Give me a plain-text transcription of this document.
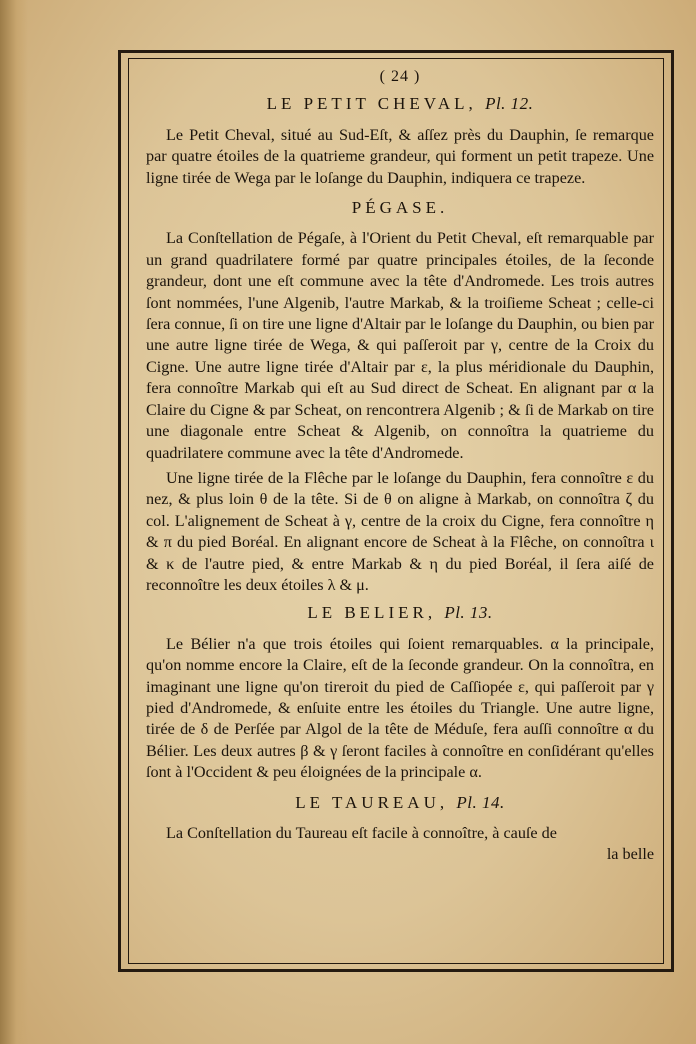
( 24 )
LE PETIT CHEVAL, Pl. 12.

Le Petit Cheval, situé au Sud-Eſt, & aſſez près du Dauphin, ſe remarque par quatre étoiles de la quatrieme grandeur, qui forment un petit trapeze. Une ligne tirée de Wega par le loſange du Dauphin, indiquera ce trapeze.

PÉGASE.

La Conſtellation de Pégaſe, à l'Orient du Petit Cheval, eſt remarquable par un grand quadrilatere formé par quatre principales étoiles, de la ſeconde grandeur, dont une eſt commune avec la tête d'Andromede. Les trois autres ſont nommées, l'une Algenib, l'autre Markab, & la troiſieme Scheat ; celle-ci ſera connue, ſi on tire une ligne d'Altair par le loſange du Dauphin, ou bien par une autre ligne tirée de Wega, & qui paſſeroit par γ, centre de la Croix du Cigne. Une autre ligne tirée d'Altair par ε, la plus méridionale du Dauphin, fera connoître Markab qui eſt au Sud direct de Scheat. En alignant par α la Claire du Cigne & par Scheat, on rencontrera Algenib ; & ſi de Markab on tire une diagonale entre Scheat & Algenib, on connoîtra la quatrieme du quadrilatere commune avec la tête d'Andromede.

Une ligne tirée de la Flêche par le loſange du Dauphin, fera connoître ε du nez, & plus loin θ de la tête. Si de θ on aligne à Markab, on connoîtra ζ du col. L'alignement de Scheat à γ, centre de la croix du Cigne, fera connoître η & π du pied Boréal. En alignant encore de Scheat à la Flêche, on connoîtra ι & κ de l'autre pied, & entre Markab & η du pied Boréal, il ſera aiſé de reconnoître les deux étoiles λ & μ.

LE BELIER, Pl. 13.

Le Bélier n'a que trois étoiles qui ſoient remarquables. α la principale, qu'on nomme encore la Claire, eſt de la ſeconde grandeur. On la connoîtra, en imaginant une ligne qu'on tireroit du pied de Caſſiopée ε, qui paſſeroit par γ pied d'Andromede, & enſuite entre les étoiles du Triangle. Une autre ligne, tirée de δ de Perſée par Algol de la tête de Méduſe, fera auſſi connoître α du Bélier. Les deux autres β & γ ſeront faciles à connoître en conſidérant qu'elles ſont à l'Occident & peu éloignées de la principale α.

LE TAUREAU, Pl. 14.

La Conſtellation du Taureau eſt facile à connoître, à cauſe de

la belle
